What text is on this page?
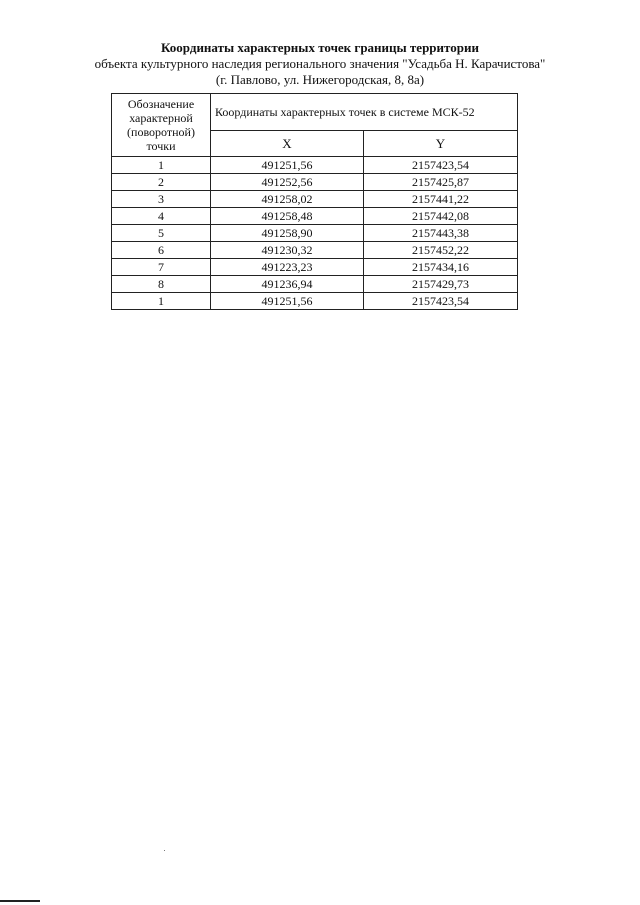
Координаты характерных точек границы территории
объекта культурного наследия регионального значения "Усадьба Н. Карачистова"
(г. Павлово, ул. Нижегородская, 8, 8а)
Обозначение характерной (поворотной) точки	Координаты характерных точек в системе МСК-52	
	X	Y
1	491251,56	2157423,54
2	491252,56	2157425,87
3	491258,02	2157441,22
4	491258,48	2157442,08
5	491258,90	2157443,38
6	491230,32	2157452,22
7	491223,23	2157434,16
8	491236,94	2157429,73
1	491251,56	2157423,54
